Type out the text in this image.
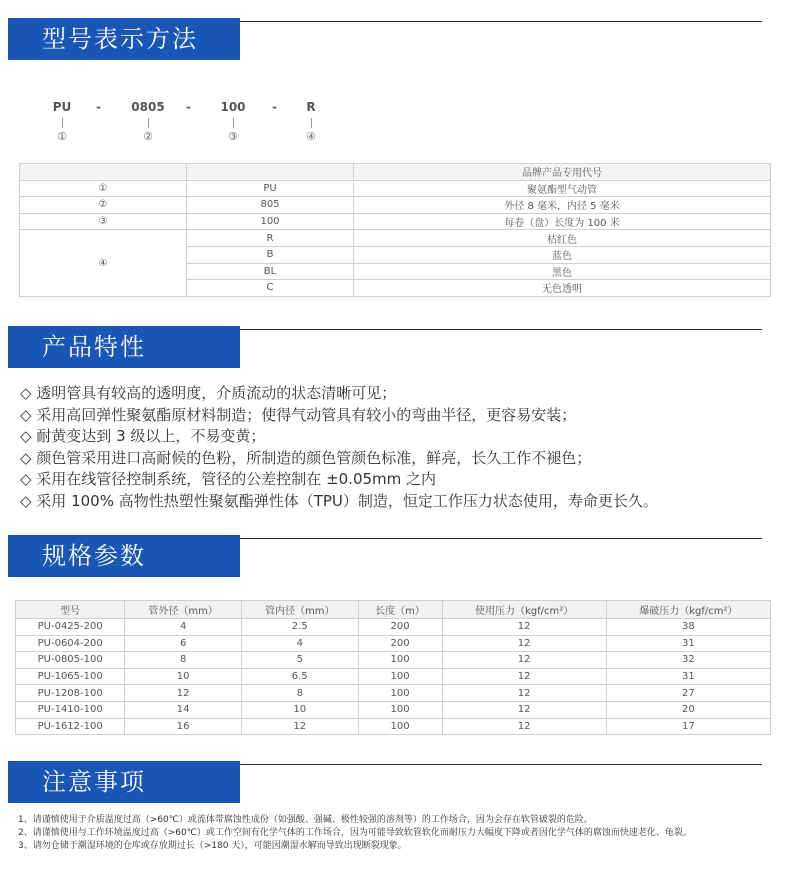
型号表示方法
PU	-	0805 - 100 - R
①	②	③	④
		品牌产品专用代号
①	PU	聚氨酯型气动管
②	805	外径 8 毫米，内径 5 毫米
③	100	每卷（盘）长度为 100 米
④	R	桔红色
	B	蓝色
	BL	黑色
	C	无色透明
产品特性
◇ 透明管具有较高的透明度，介质流动的状态清晰可见；
◇ 采用高回弹性聚氨酯原材料制造；使得气动管具有较小的弯曲半径，更容易安装；
◇ 耐黄变达到 3 级以上，不易变黄；
◇ 颜色管采用进口高耐候的色粉，所制造的颜色管颜色标准，鲜亮，长久工作不褪色；
◇ 采用在线管径控制系统，管径的公差控制在 ±0.05mm 之内
◇ 采用 100% 高物性热塑性聚氨酯弹性体（TPU）制造，恒定工作压力状态使用，寿命更长久。
规格参数
型号	管外径（mm）	管内径（mm）	长度（m）	使用压力（kgf/cm²）	爆破压力（kgf/cm²）
PU-0425-200	4	2.5	200	12	38
PU-0604-200	6	4	200	12	31
PU-0805-100	8	5	100	12	32
PU-1065-100	10	6.5	100	12	31
PU-1208-100	12	8	100	12	27
PU-1410-100	14	10	100	12	20
PU-1612-100	16	12	100	12	17
注意事项
1、请谨慎使用于介质温度过高（>60℃）或流体带腐蚀性成份（如强酸、强碱、极性较强的溶剂等）的工作场合，因为会存在软管破裂的危险。
2、请谨慎使用与工作环境温度过高（>60℃）或工作空间有化学气体的工作场合，因为可能导致软管软化而耐压力大幅度下降或者因化学气体的腐蚀而快速老化、龟裂。
3、请勿仓储于潮湿环境的仓库或存放期过长（>180 天），可能因潮湿水解而导致出现断裂现象。
